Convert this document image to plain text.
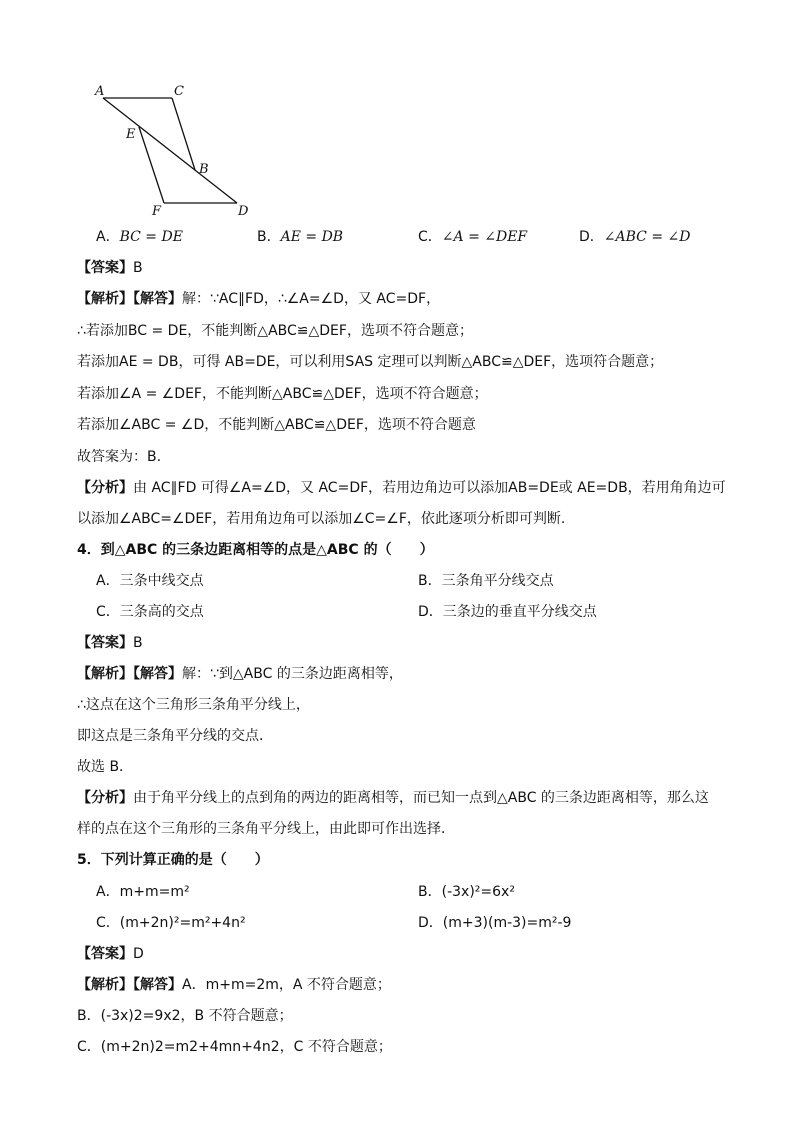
A	C
E
B
F	D
A．BC = DE	B．AE = DB	C．∠A = ∠DEF	D．∠ABC = ∠D
【答案】B
【解析】【解答】解：∵AC∥FD，∴∠A=∠D，又 AC=DF，
∴若添加BC = DE，不能判断△ABC≌△DEF，选项不符合题意；
若添加AE = DB，可得 AB=DE，可以利用SAS 定理可以判断△ABC≌△DEF，选项符合题意；
若添加∠A = ∠DEF，不能判断△ABC≌△DEF，选项不符合题意；
若添加∠ABC = ∠D，不能判断△ABC≌△DEF，选项不符合题意
故答案为：B.
【分析】由 AC∥FD 可得∠A=∠D，又 AC=DF，若用边角边可以添加AB=DE或 AE=DB，若用角角边可
以添加∠ABC=∠DEF，若用角边角可以添加∠C=∠F，依此逐项分析即可判断.
4．到△ABC 的三条边距离相等的点是△ABC 的（　　）
A．三条中线交点	B．三条角平分线交点
C．三条高的交点	D．三条边的垂直平分线交点
【答案】B
【解析】【解答】解：∵到△ABC 的三条边距离相等，
∴这点在这个三角形三条角平分线上，
即这点是三条角平分线的交点．
故选 B．
【分析】由于角平分线上的点到角的两边的距离相等，而已知一点到△ABC 的三条边距离相等，那么这
样的点在这个三角形的三条角平分线上，由此即可作出选择．
5．下列计算正确的是（　　）
A．m+m=m²	B．(-3x)²=6x²
C．(m+2n)²=m²+4n²	D．(m+3)(m-3)=m²-9
【答案】D
【解析】【解答】A．m+m=2m，A 不符合题意；
B．(-3x)2=9x2，B 不符合题意；
C．(m+2n)2=m2+4mn+4n2，C 不符合题意；
